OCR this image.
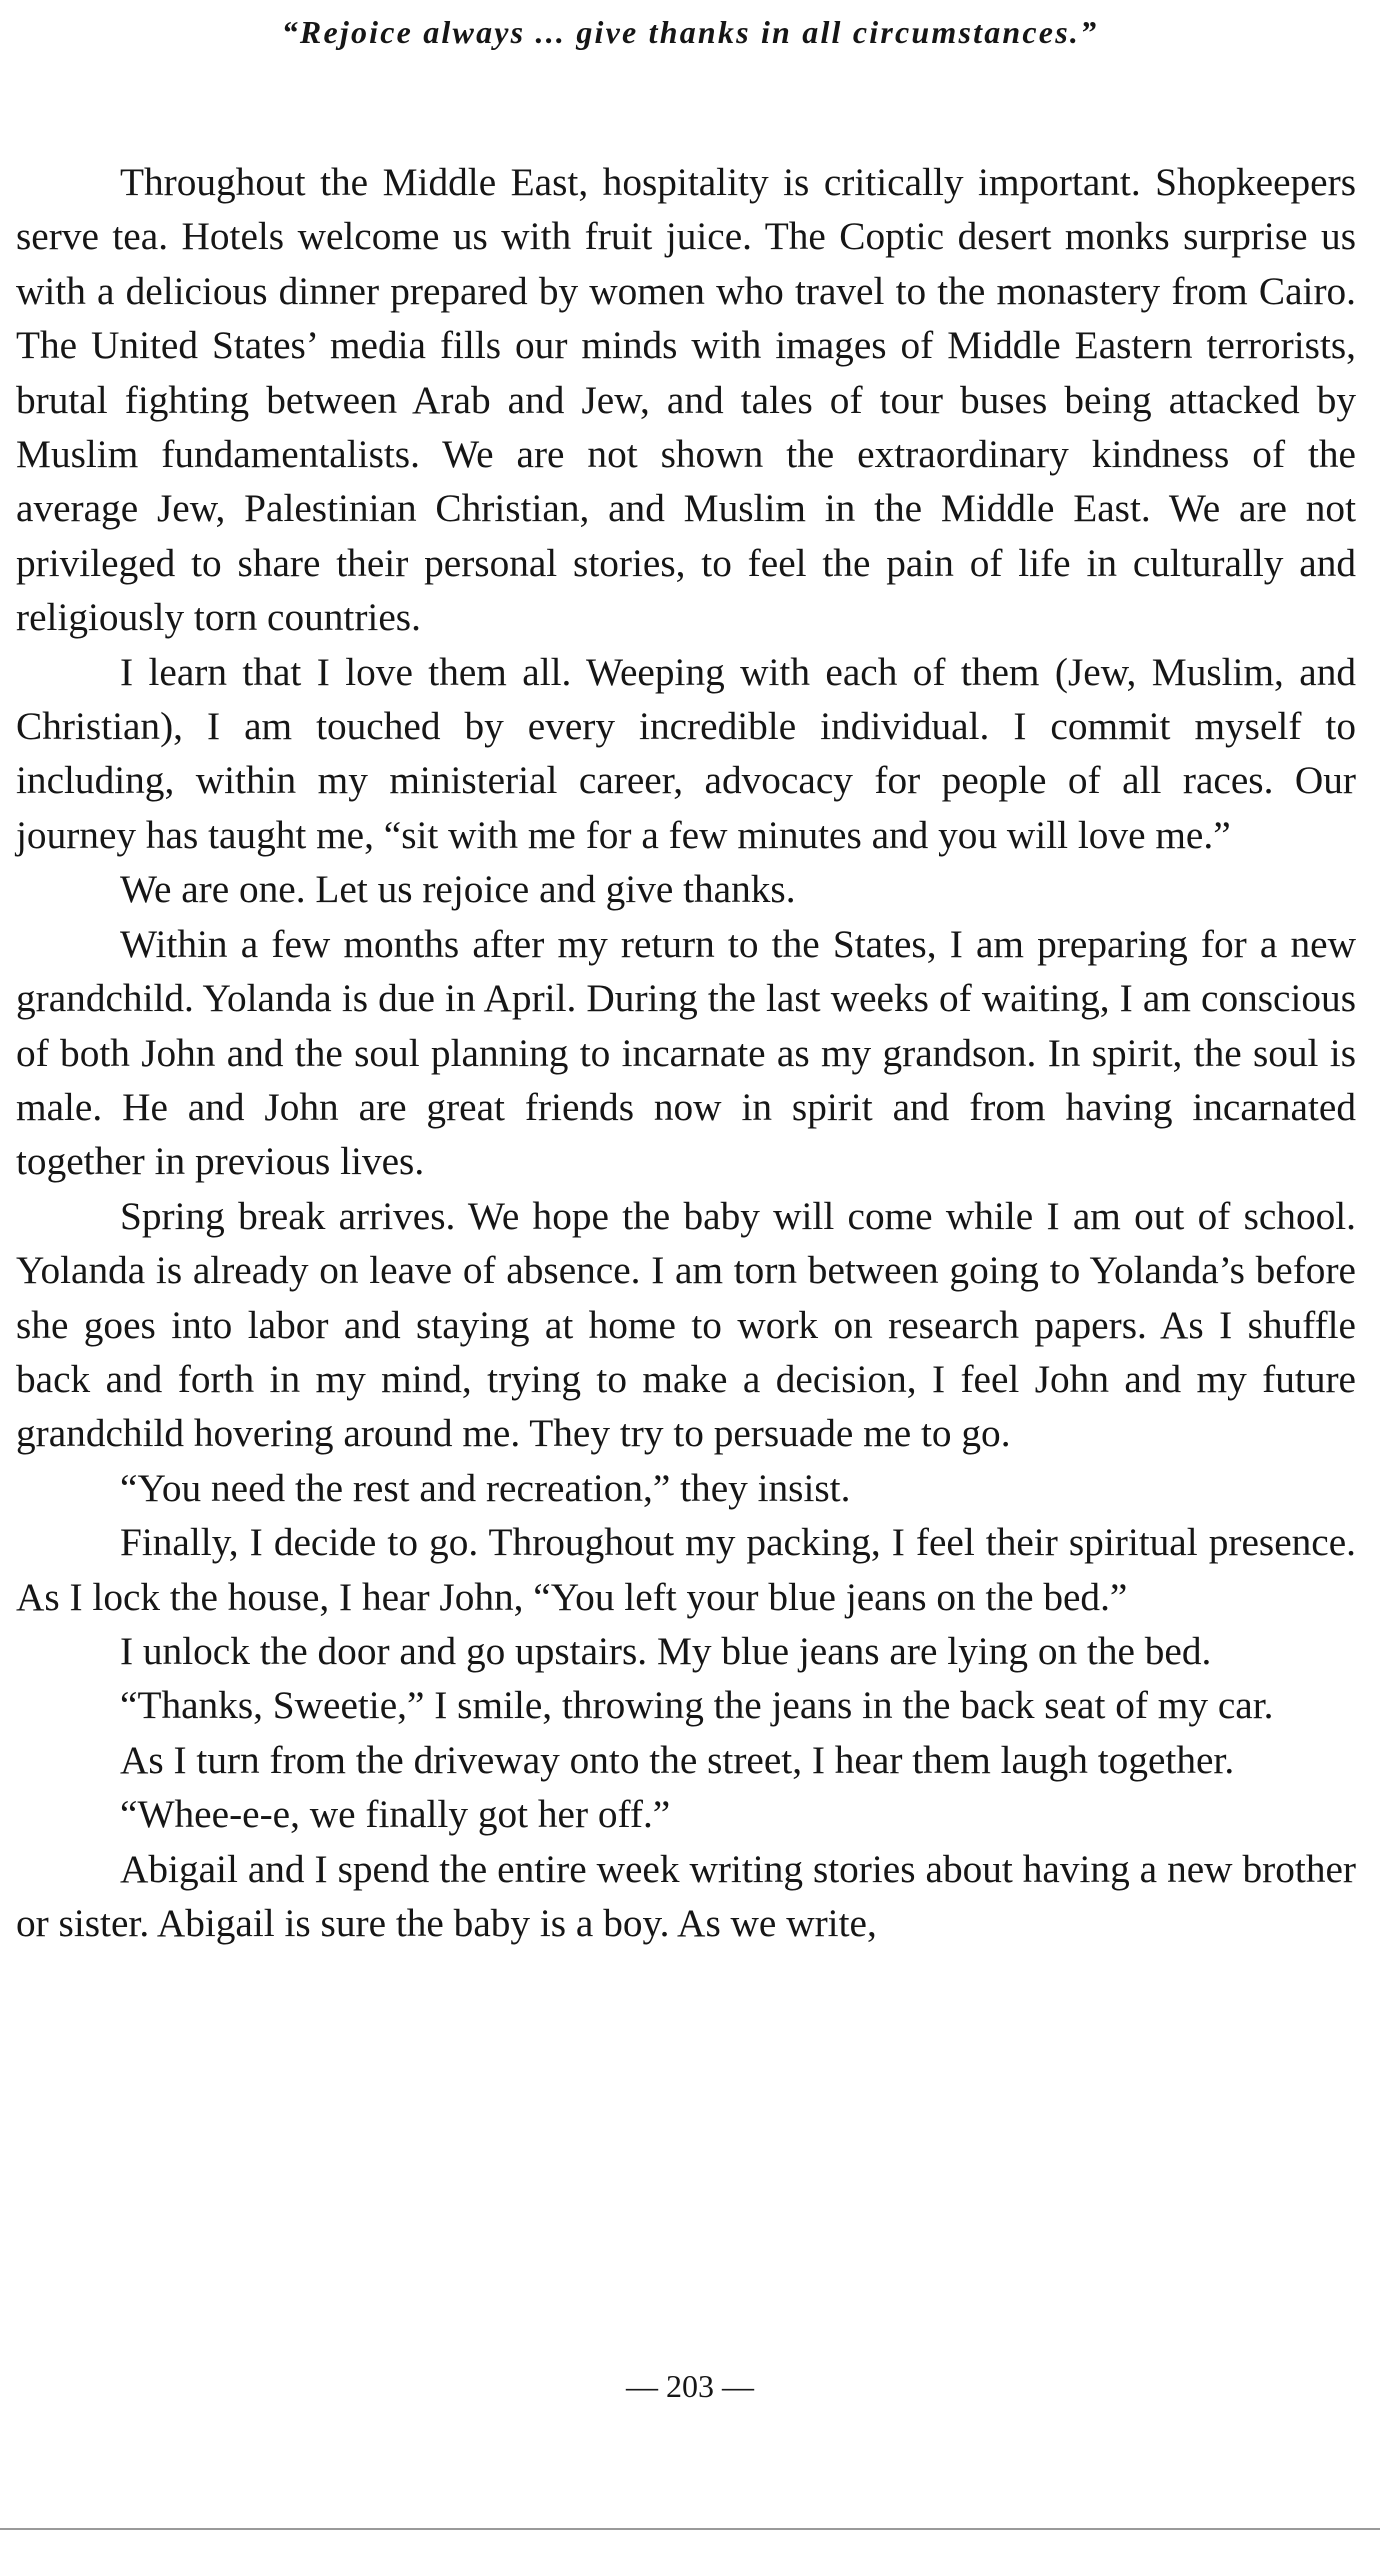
“Rejoice always ... give thanks in all circumstances.”

Throughout the Middle East, hospitality is critically important. Shopkeepers serve tea. Hotels welcome us with fruit juice. The Coptic desert monks surprise us with a delicious dinner prepared by women who travel to the monastery from Cairo. The United States’ media fills our minds with images of Middle Eastern terrorists, brutal fighting between Arab and Jew, and tales of tour buses being attacked by Muslim fundamentalists. We are not shown the extraordinary kindness of the average Jew, Palestinian Christian, and Muslim in the Middle East. We are not privileged to share their personal stories, to feel the pain of life in culturally and religiously torn countries.

I learn that I love them all. Weeping with each of them (Jew, Muslim, and Christian), I am touched by every incredible individual. I commit myself to including, within my ministerial career, advocacy for people of all races. Our journey has taught me, “sit with me for a few minutes and you will love me.”

We are one. Let us rejoice and give thanks.

Within a few months after my return to the States, I am preparing for a new grandchild. Yolanda is due in April. During the last weeks of waiting, I am conscious of both John and the soul planning to incarnate as my grandson. In spirit, the soul is male. He and John are great friends now in spirit and from having incarnated together in previous lives.

Spring break arrives. We hope the baby will come while I am out of school. Yolanda is already on leave of absence. I am torn between going to Yolanda’s before she goes into labor and staying at home to work on research papers. As I shuffle back and forth in my mind, trying to make a decision, I feel John and my future grandchild hovering around me. They try to persuade me to go.

“You need the rest and recreation,” they insist.

Finally, I decide to go. Throughout my packing, I feel their spiritual presence. As I lock the house, I hear John, “You left your blue jeans on the bed.”

I unlock the door and go upstairs. My blue jeans are lying on the bed.

“Thanks, Sweetie,” I smile, throwing the jeans in the back seat of my car.

As I turn from the driveway onto the street, I hear them laugh together.

“Whee-e-e, we finally got her off.”

Abigail and I spend the entire week writing stories about having a new brother or sister. Abigail is sure the baby is a boy. As we write,

— 203 —
